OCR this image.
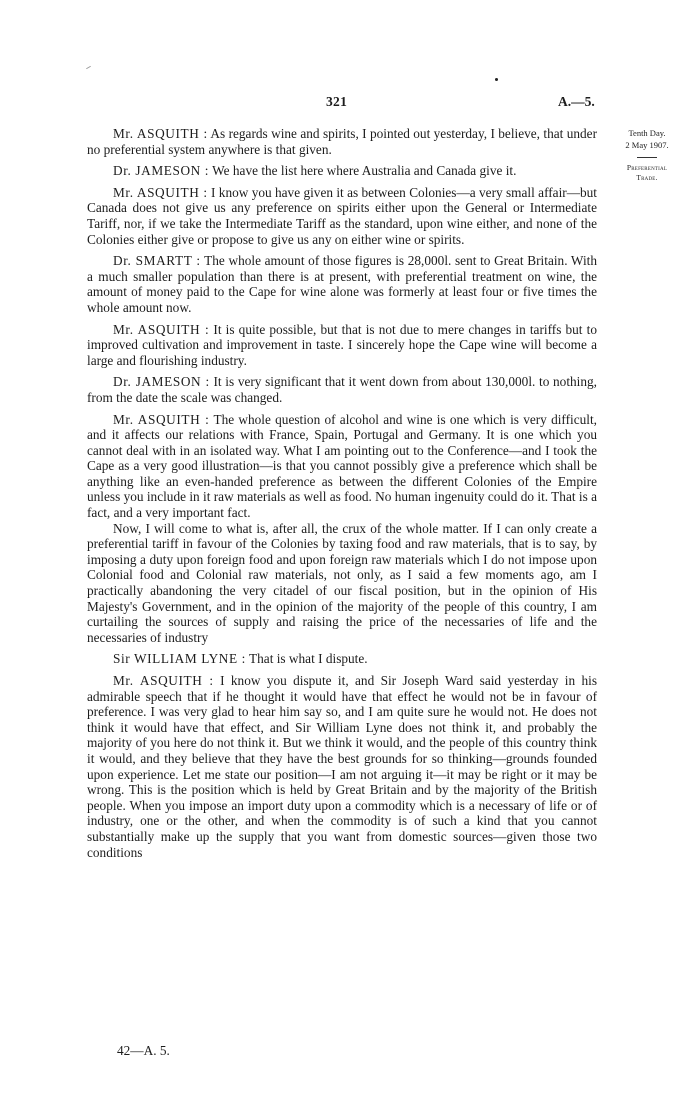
321	A.—5.
Tenth Day.
2 May 1907.
Preferential
Trade.

Mr. ASQUITH : As regards wine and spirits, I pointed out yesterday, I believe, that under no preferential system anywhere is that given.

Dr. JAMESON : We have the list here where Australia and Canada give it.

Mr. ASQUITH : I know you have given it as between Colonies—a very small affair—but Canada does not give us any preference on spirits either upon the General or Intermediate Tariff, nor, if we take the Intermediate Tariff as the standard, upon wine either, and none of the Colonies either give or propose to give us any on either wine or spirits.

Dr. SMARTT : The whole amount of those figures is 28,000l. sent to Great Britain. With a much smaller population than there is at present, with preferential treatment on wine, the amount of money paid to the Cape for wine alone was formerly at least four or five times the whole amount now.

Mr. ASQUITH : It is quite possible, but that is not due to mere changes in tariffs but to improved cultivation and improvement in taste. I sincerely hope the Cape wine will become a large and flourishing industry.

Dr. JAMESON : It is very significant that it went down from about 130,000l. to nothing, from the date the scale was changed.

Mr. ASQUITH : The whole question of alcohol and wine is one which is very difficult, and it affects our relations with France, Spain, Portugal and Germany. It is one which you cannot deal with in an isolated way. What I am pointing out to the Conference—and I took the Cape as a very good illustration—is that you cannot possibly give a preference which shall be anything like an even-handed preference as between the different Colonies of the Empire unless you include in it raw materials as well as food. No human ingenuity could do it. That is a fact, and a very important fact.

Now, I will come to what is, after all, the crux of the whole matter. If I can only create a preferential tariff in favour of the Colonies by taxing food and raw materials, that is to say, by imposing a duty upon foreign food and upon foreign raw materials which I do not impose upon Colonial food and Colonial raw materials, not only, as I said a few moments ago, am I practically abandoning the very citadel of our fiscal position, but in the opinion of His Majesty's Government, and in the opinion of the majority of the people of this country, I am curtailing the sources of supply and raising the price of the necessaries of life and the necessaries of industry

Sir WILLIAM LYNE : That is what I dispute.

Mr. ASQUITH : I know you dispute it, and Sir Joseph Ward said yesterday in his admirable speech that if he thought it would have that effect he would not be in favour of preference. I was very glad to hear him say so, and I am quite sure he would not. He does not think it would have that effect, and Sir William Lyne does not think it, and probably the majority of you here do not think it. But we think it would, and the people of this country think it would, and they believe that they have the best grounds for so thinking—grounds founded upon experience. Let me state our position—I am not arguing it—it may be right or it may be wrong. This is the position which is held by Great Britain and by the majority of the British people. When you impose an import duty upon a commodity which is a necessary of life or of industry, one or the other, and when the commodity is of such a kind that you cannot substantially make up the supply that you want from domestic sources—given those two conditions

42—A. 5.
